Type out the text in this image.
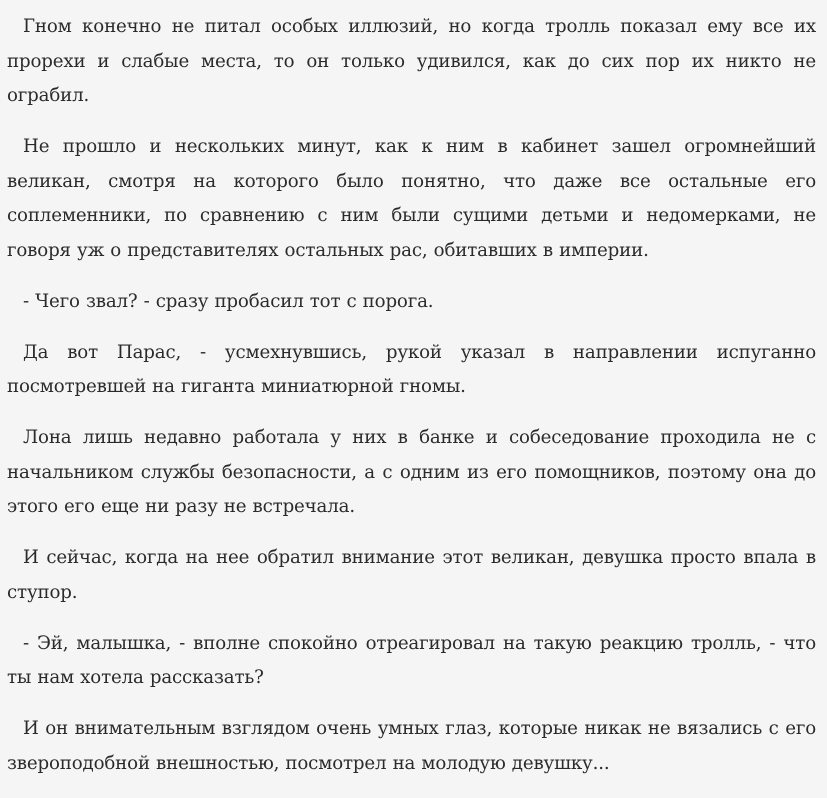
Гном конечно не питал особых иллюзий, но когда тролль показал ему все их прорехи и слабые места, то он только удивился, как до сих пор их никто не ограбил.

Не прошло и нескольких минут, как к ним в кабинет зашел огромнейший великан, смотря на которого было понятно, что даже все остальные его соплеменники, по сравнению с ним были сущими детьми и недомерками, не говоря уж о представителях остальных рас, обитавших в империи.

- Чего звал? - сразу пробасил тот с порога.

Да вот Парас, - усмехнувшись, рукой указал в направлении испуганно посмотревшей на гиганта миниатюрной гномы.

Лона лишь недавно работала у них в банке и собеседование проходила не с начальником службы безопасности, а с одним из его помощников, поэтому она до этого его еще ни разу не встречала.

И сейчас, когда на нее обратил внимание этот великан, девушка просто впала в ступор.

- Эй, малышка, - вполне спокойно отреагировал на такую реакцию тролль, - что ты нам хотела рассказать?

И он внимательным взглядом очень умных глаз, которые никак не вязались с его звероподобной внешностью, посмотрел на молодую девушку...
